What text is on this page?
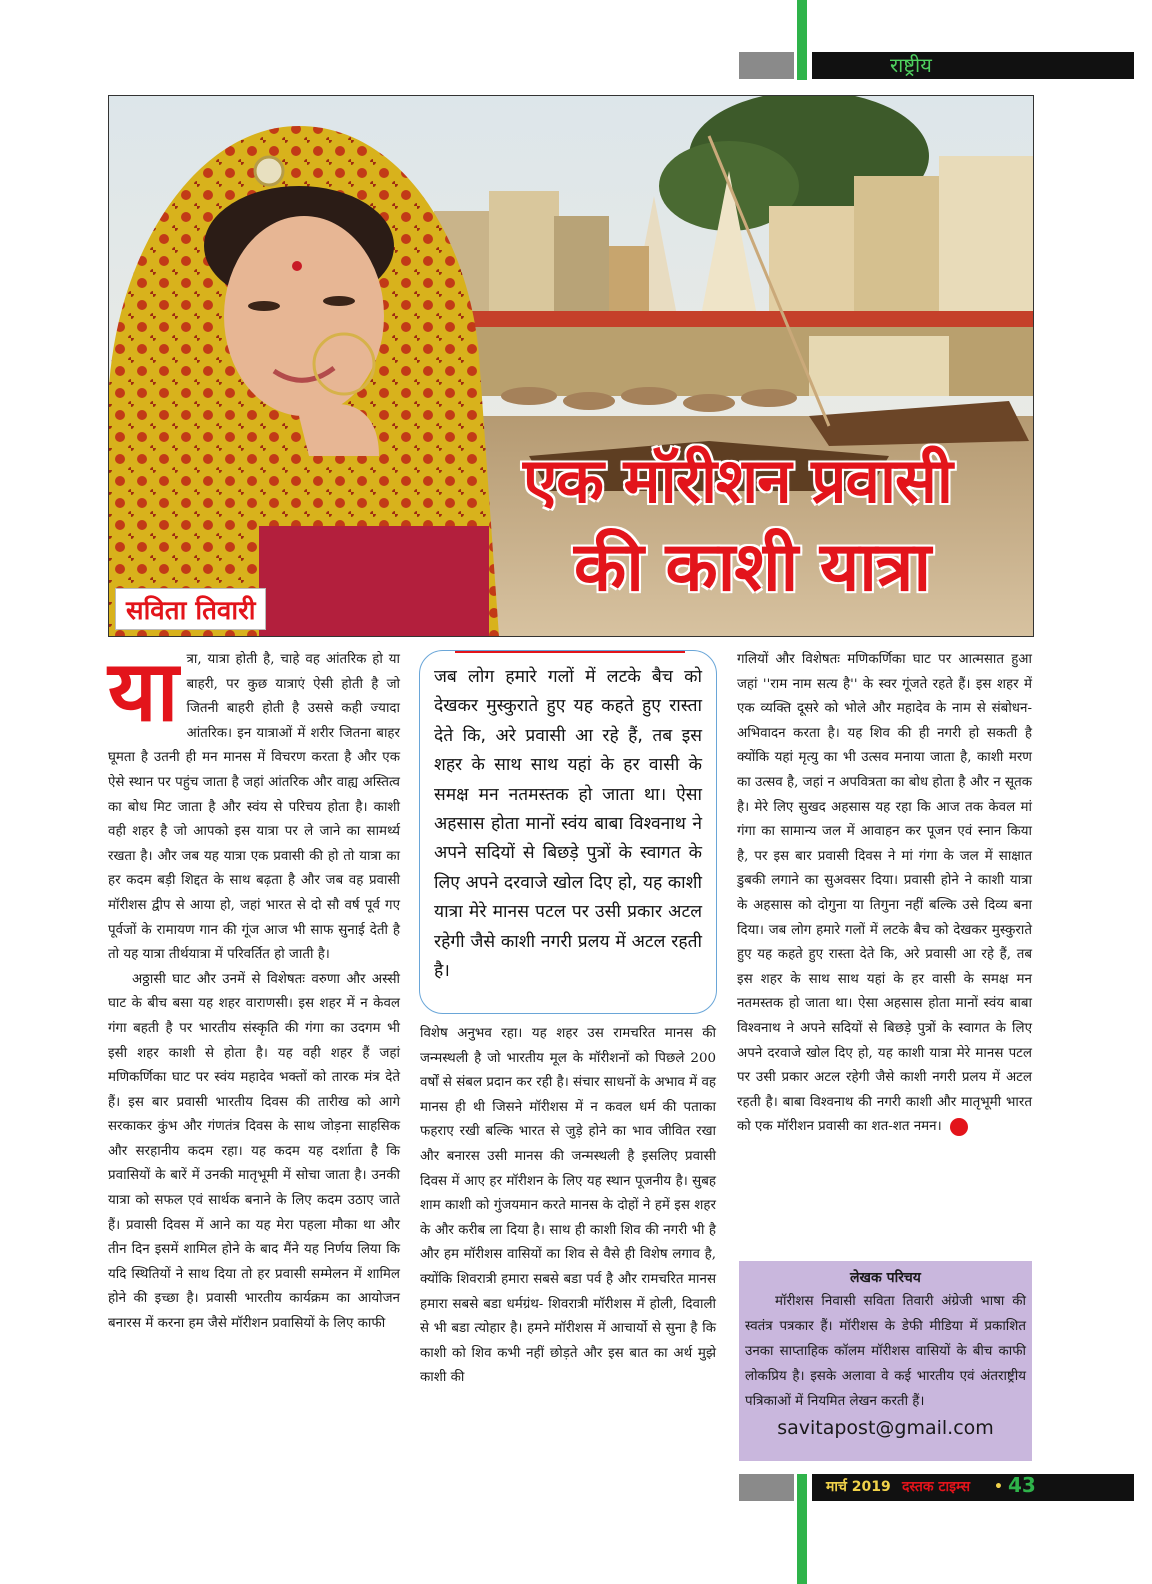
राष्ट्रीय
एक मॉरीशन प्रवासी
की काशी यात्रा
सविता तिवारी

यात्रा, यात्रा होती है, चाहे वह आंतरिक हो या बाहरी, पर कुछ यात्राएं ऐसी होती है जो जितनी बाहरी होती है उससे कही ज्यादा आंतरिक। इन यात्राओं में शरीर जितना बाहर घूमता है उतनी ही मन मानस में विचरण करता है और एक ऐसे स्थान पर पहुंच जाता है जहां आंतरिक और वाह्य अस्तित्व का बोध मिट जाता है और स्वंय से परिचय होता है। काशी वही शहर है जो आपको इस यात्रा पर ले जाने का सामर्थ्य रखता है। और जब यह यात्रा एक प्रवासी की हो तो यात्रा का हर कदम बड़ी शिद्दत के साथ बढ़ता है और जब वह प्रवासी मॉरीशस द्वीप से आया हो, जहां भारत से दो सौ वर्ष पूर्व गए पूर्वजों के रामायण गान की गूंज आज भी साफ सुनाई देती है तो यह यात्रा तीर्थयात्रा में परिवर्तित हो जाती है।

अठ्ठासी घाट और उनमें से विशेषतः वरुणा और अस्सी घाट के बीच बसा यह शहर वाराणसी। इस शहर में न केवल गंगा बहती है पर भारतीय संस्कृति की गंगा का उदगम भी इसी शहर काशी से होता है। यह वही शहर हैं जहां मणिकर्णिका घाट पर स्वंय महादेव भक्तों को तारक मंत्र देते हैं। इस बार प्रवासी भारतीय दिवस की तारीख को आगे सरकाकर कुंभ और गंणतंत्र दिवस के साथ जोड़ना साहसिक और सरहानीय कदम रहा। यह कदम यह दर्शाता है कि प्रवासियों के बारें में उनकी मातृभूमी में सोचा जाता है। उनकी यात्रा को सफल एवं सार्थक बनाने के लिए कदम उठाए जाते हैं। प्रवासी दिवस में आने का यह मेरा पहला मौका था और तीन दिन इसमें शामिल होने के बाद मैंने यह निर्णय लिया कि यदि स्थितियों ने साथ दिया तो हर प्रवासी सम्मेलन में शामिल होने की इच्छा है। प्रवासी भारतीय कार्यक्रम का आयोजन बनारस में करना हम जैसे मॉरीशन प्रवासियों के लिए काफी

जब लोग हमारे गलों में लटके बैच को देखकर मुस्कुराते हुए यह कहते हुए रास्ता देते कि, अरे प्रवासी आ रहे हैं, तब इस शहर के साथ साथ यहां के हर वासी के समक्ष मन नतमस्तक हो जाता था। ऐसा अहसास होता मानों स्वंय बाबा विश्वनाथ ने अपने सदियों से बिछड़े पुत्रों के स्वागत के लिए अपने दरवाजे खोल दिए हो, यह काशी यात्रा मेरे मानस पटल पर उसी प्रकार अटल रहेगी जैसे काशी नगरी प्रलय में अटल रहती है।

विशेष अनुभव रहा। यह शहर उस रामचरित मानस की जन्मस्थली है जो भारतीय मूल के मॉरीशनों को पिछले 200 वर्षों से संबल प्रदान कर रही है। संचार साधनों के अभाव में वह मानस ही थी जिसने मॉरीशस में न कवल धर्म की पताका फहराए रखी बल्कि भारत से जुड़े होने का भाव जीवित रखा और बनारस उसी मानस की जन्मस्थली है इसलिए प्रवासी दिवस में आए हर मॉरीशन के लिए यह स्थान पूजनीय है। सुबह शाम काशी को गुंजयमान करते मानस के दोहों ने हमें इस शहर के और करीब ला दिया है। साथ ही काशी शिव की नगरी भी है और हम मॉरीशस वासियों का शिव से वैसे ही विशेष लगाव है, क्योंकि शिवरात्री हमारा सबसे बडा पर्व है और रामचरित मानस हमारा सबसे बडा धर्मग्रंथ- शिवरात्री मॉरीशस में होली, दिवाली से भी बडा त्योहार है। हमने मॉरीशस में आचार्यो से सुना है कि काशी को शिव कभी नहीं छोड़ते और इस बात का अर्थ मुझे काशी की

गलियों और विशेषतः मणिकर्णिका घाट पर आत्मसात हुआ जहां ''राम नाम सत्य है'' के स्वर गूंजते रहते हैं। इस शहर में एक व्यक्ति दूसरे को भोले और महादेव के नाम से संबोधन-अभिवादन करता है। यह शिव की ही नगरी हो सकती है क्योंकि यहां मृत्यु का भी उत्सव मनाया जाता है, काशी मरण का उत्सव है, जहां न अपवित्रता का बोध होता है और न सूतक है। मेरे लिए सुखद अहसास यह रहा कि आज तक केवल मां गंगा का सामान्य जल में आवाहन कर पूजन एवं स्नान किया है, पर इस बार प्रवासी दिवस ने मां गंगा के जल में साक्षात डुबकी लगाने का सुअवसर दिया। प्रवासी होने ने काशी यात्रा के अहसास को दोगुना या तिगुना नहीं बल्कि उसे दिव्य बना दिया। जब लोग हमारे गलों में लटके बैच को देखकर मुस्कुराते हुए यह कहते हुए रास्ता देते कि, अरे प्रवासी आ रहे हैं, तब इस शहर के साथ साथ यहां के हर वासी के समक्ष मन नतमस्तक हो जाता था। ऐसा अहसास होता मानों स्वंय बाबा विश्वनाथ ने अपने सदियों से बिछड़े पुत्रों के स्वागत के लिए अपने दरवाजे खोल दिए हो, यह काशी यात्रा मेरे मानस पटल पर उसी प्रकार अटल रहेगी जैसे काशी नगरी प्रलय में अटल रहती है। बाबा विश्वनाथ की नगरी काशी और मातृभूमी भारत को एक मॉरीशन प्रवासी का शत-शत नमन।

लेखक परिचय
मॉरीशस निवासी सविता तिवारी अंग्रेजी भाषा की स्वतंत्र पत्रकार हैं। मॉरीशस के डेफी मीडिया में प्रकाशित उनका साप्ताहिक कॉलम मॉरीशस वासियों के बीच काफी लोकप्रिय है। इसके अलावा वे कई भारतीय एवं अंतराष्ट्रीय पत्रिकाओं में नियमित लेखन करती हैं।
savitapost@gmail.com
मार्च 2019 दस्तक टाइम्स • 43
